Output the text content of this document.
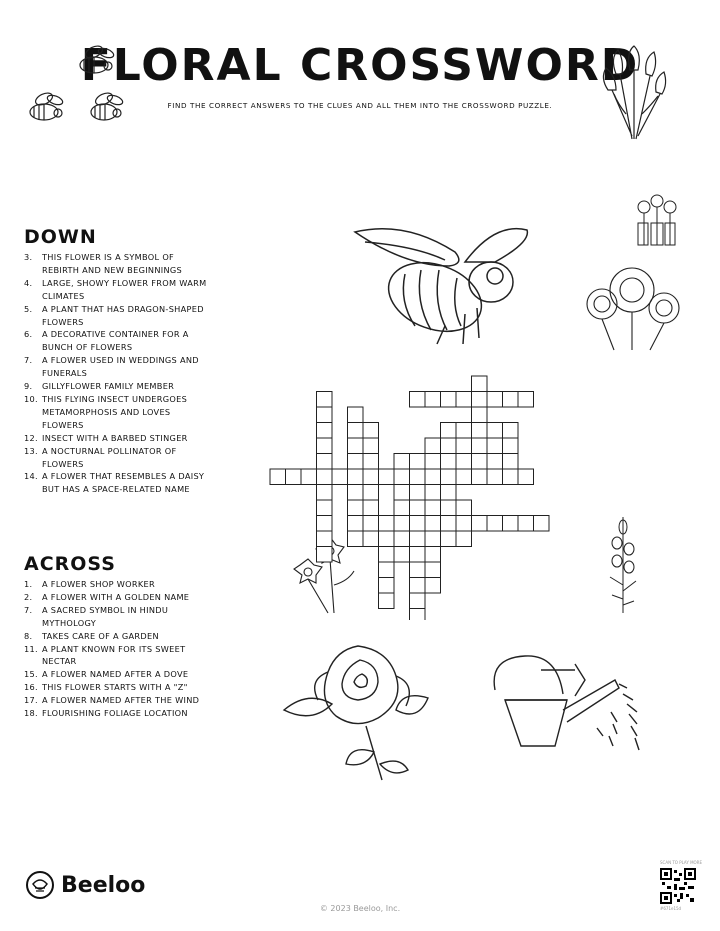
FLORAL CROSSWORD
FIND THE CORRECT ANSWERS TO THE CLUES AND ALL THEM INTO THE CROSSWORD PUZZLE.
DOWN
3.	THIS FLOWER IS A SYMBOL OF REBIRTH AND NEW BEGINNINGS
4.	LARGE, SHOWY FLOWER FROM WARM CLIMATES
5.	A PLANT THAT HAS DRAGON-SHAPED FLOWERS
6.	A DECORATIVE CONTAINER FOR A BUNCH OF FLOWERS
7.	A FLOWER USED IN WEDDINGS AND FUNERALS
9.	GILLYFLOWER FAMILY MEMBER
10. THIS FLYING INSECT UNDERGOES METAMORPHOSIS AND LOVES FLOWERS
12. INSECT WITH A BARBED STINGER
13. A NOCTURNAL POLLINATOR OF FLOWERS
14. A FLOWER THAT RESEMBLES A DAISY BUT HAS A SPACE-RELATED NAME
ACROSS
1.	A FLOWER SHOP WORKER
2.	A FLOWER WITH A GOLDEN NAME
7.	A SACRED SYMBOL IN HINDU MYTHOLOGY
8.	TAKES CARE OF A GARDEN
11. A PLANT KNOWN FOR ITS SWEET NECTAR
15. A FLOWER NAMED AFTER A DOVE
16. THIS FLOWER STARTS WITH A "Z"
17. A FLOWER NAMED AFTER THE WIND
18. FLOURISHING FOLIAGE LOCATION
Beeloo
© 2023 Beeloo, Inc.
SCAN TO PLAY MORE
#671e15d
